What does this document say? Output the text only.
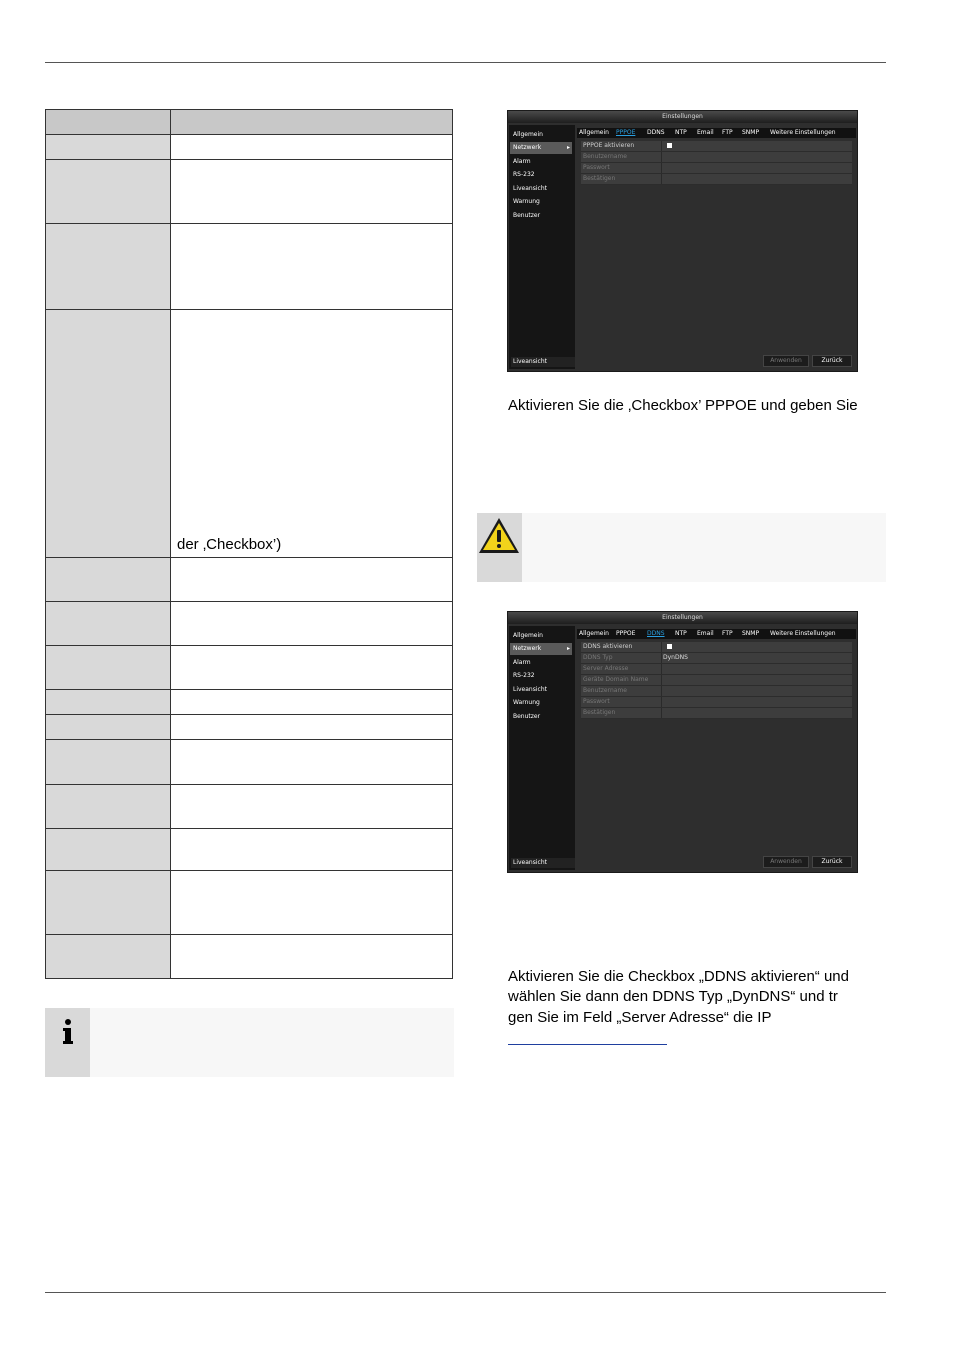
	der ‚Checkbox’)

Einstellungen
Allgemein
Netzwerk ▸
Alarm
RS-232
Liveansicht
Warnung
Benutzer
Allgemein PPPOE DDNS NTP Email FTP SNMP Weitere Einstellungen
PPPOE aktivieren
Benutzername
Passwort
Bestätigen
Liveansicht	Anwenden	Zurück
Aktivieren Sie die ‚Checkbox’ PPPOE und geben Sie
Einstellungen
Allgemein
Netzwerk ▸
Alarm
RS-232
Liveansicht
Warnung
Benutzer
Allgemein PPPOE DDNS NTP Email FTP SNMP Weitere Einstellungen
DDNS aktivieren
DDNS Typ	DynDNS
Server Adresse
Geräte Domain Name
Benutzername
Passwort
Bestätigen
Liveansicht	Anwenden	Zurück
Aktivieren Sie die Checkbox „DDNS aktivieren“ und
wählen Sie dann den DDNS Typ „DynDNS“ und tr
gen Sie im Feld „Server Adresse“ die IP
